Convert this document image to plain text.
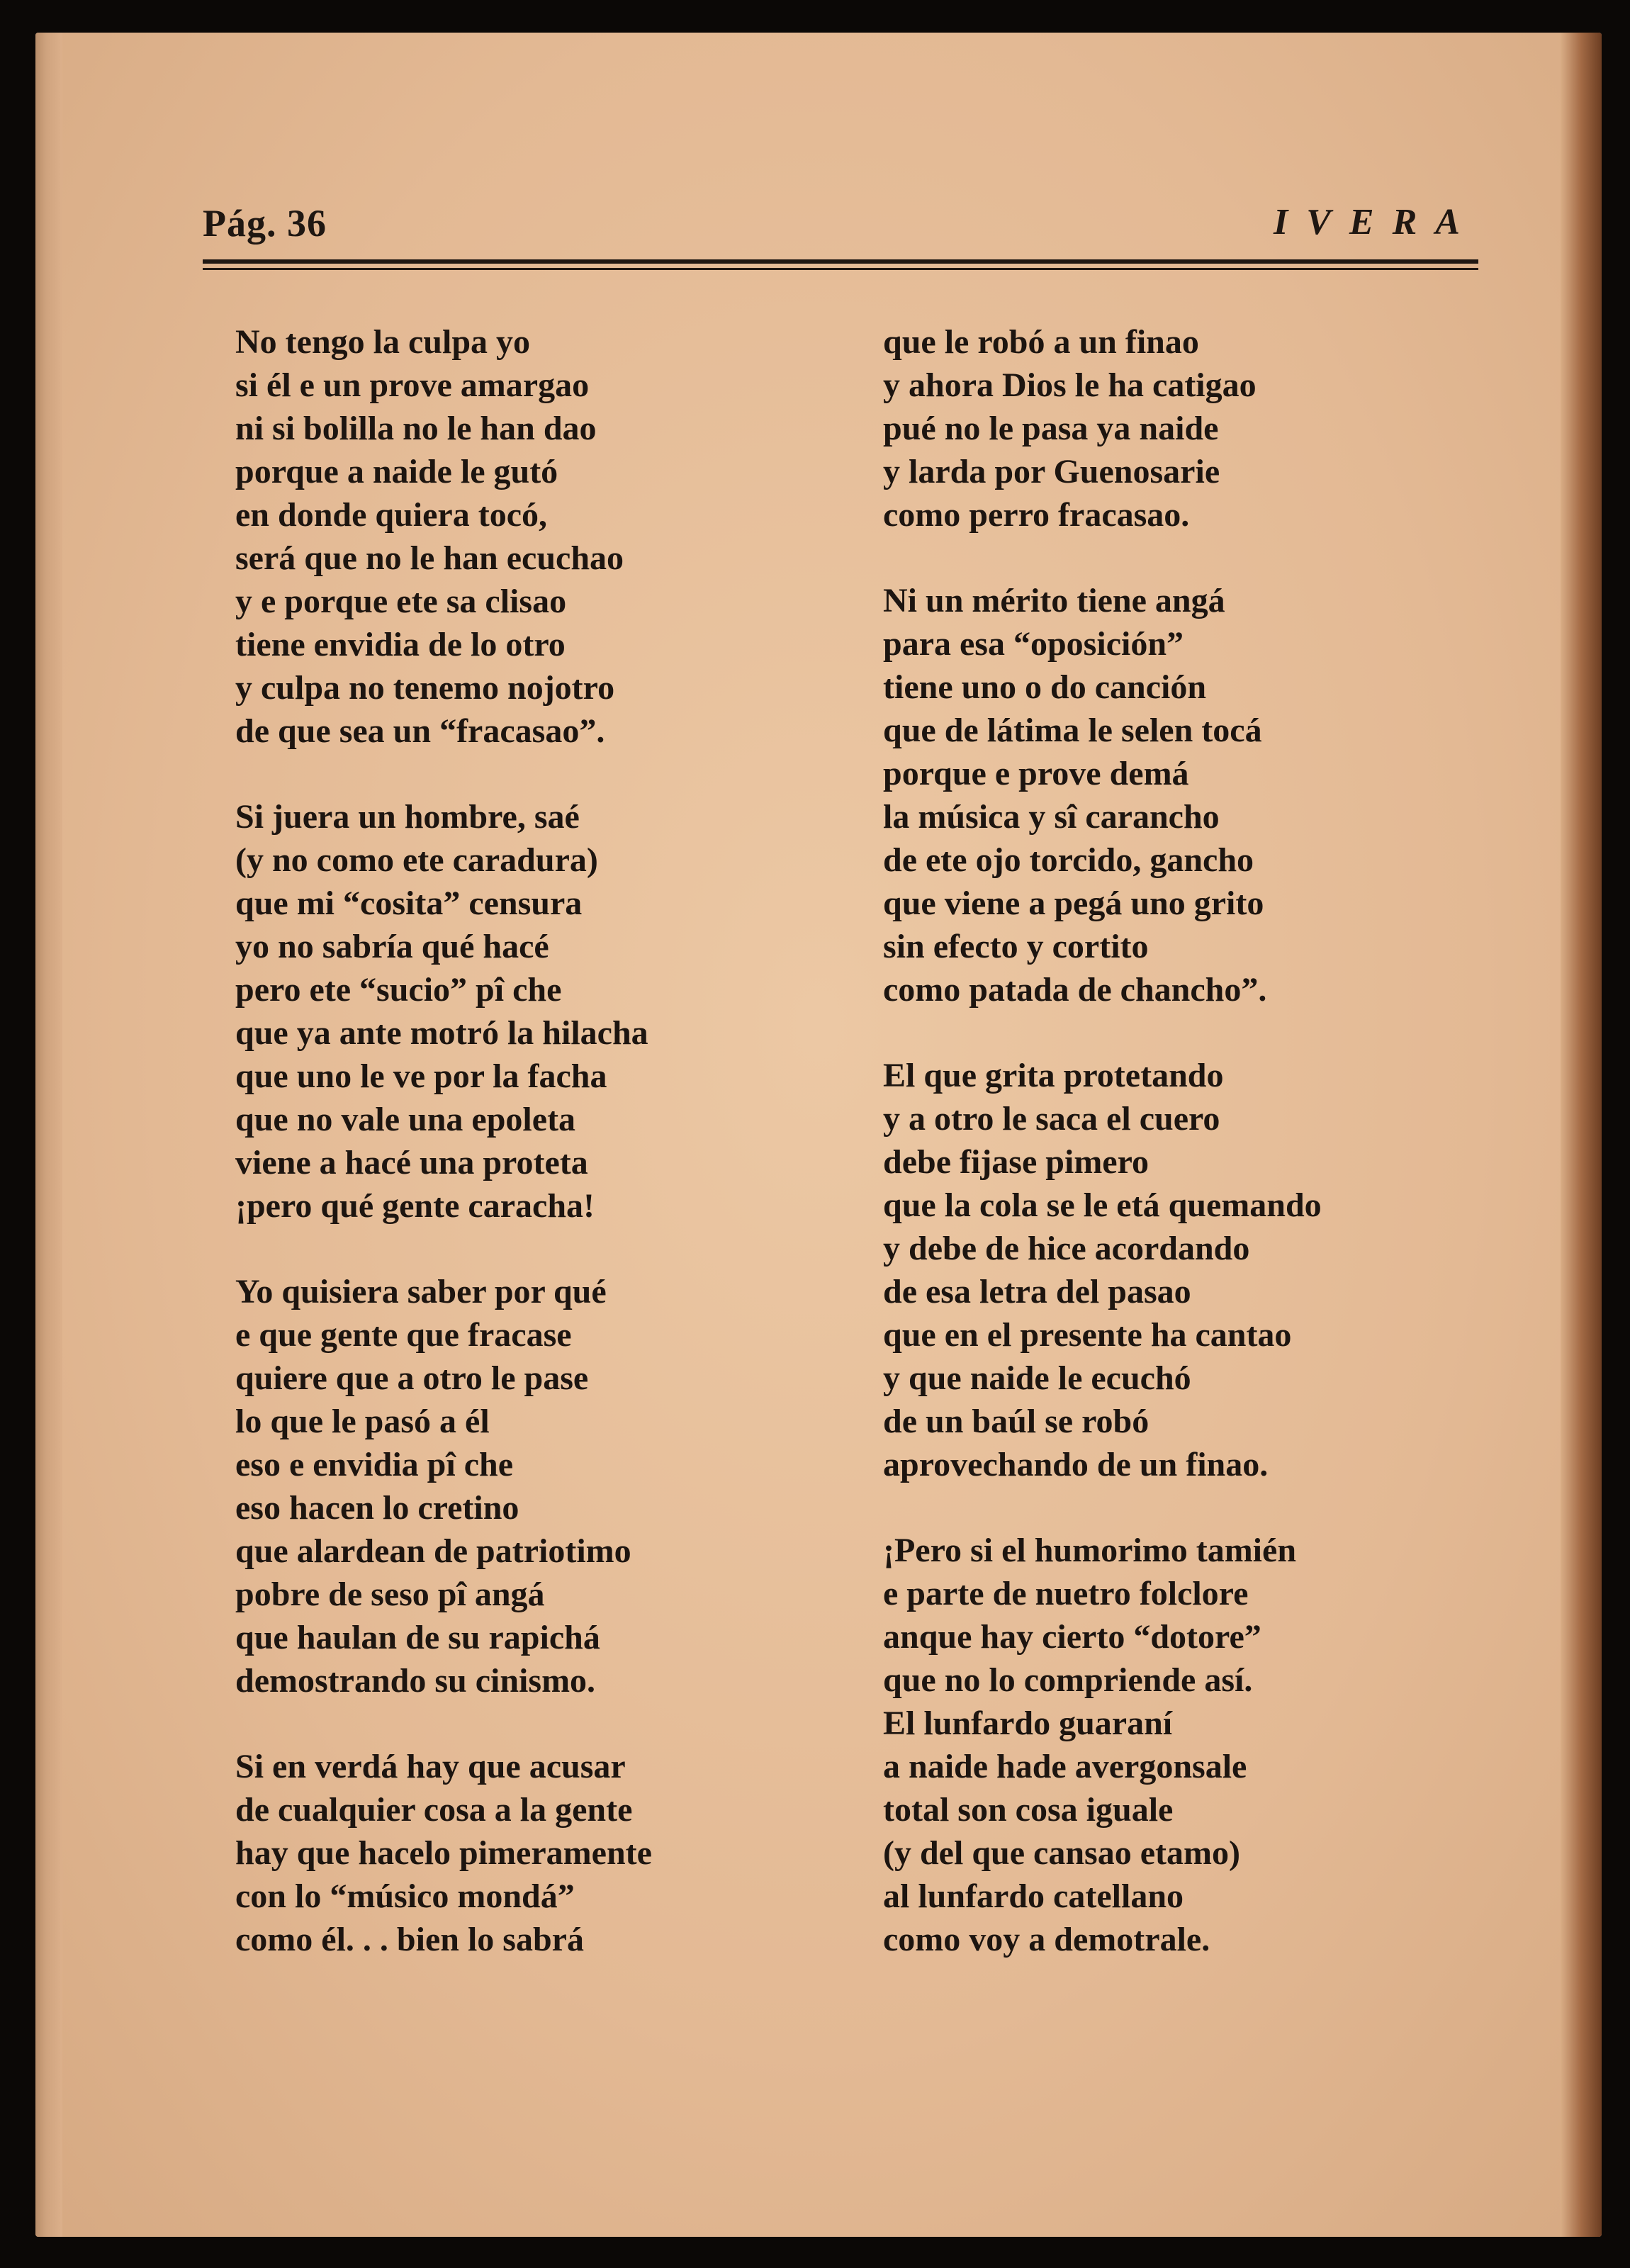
Pág. 36	IVERA
No tengo la culpa yo
si él e un prove amargao
ni si bolilla no le han dao
porque a naide le gutó
en donde quiera tocó,
será que no le han ecuchao
y e porque ete sa clisao
tiene envidia de lo otro
y culpa no tenemo nojotro
de que sea un “fracasao”.
Si juera un hombre, saé
(y no como ete caradura)
que mi “cosita” censura
yo no sabría qué hacé
pero ete “sucio” pî che
que ya ante motró la hilacha
que uno le ve por la facha
que no vale una epoleta
viene a hacé una proteta
¡pero qué gente caracha!
Yo quisiera saber por qué
e que gente que fracase
quiere que a otro le pase
lo que le pasó a él
eso e envidia pî che
eso hacen lo cretino
que alardean de patriotimo
pobre de seso pî angá
que haulan de su rapichá
demostrando su cinismo.
Si en verdá hay que acusar
de cualquier cosa a la gente
hay que hacelo pimeramente
con lo “músico mondá”
como él. . . bien lo sabrá
que le robó a un finao
y ahora Dios le ha catigao
pué no le pasa ya naide
y larda por Guenosarie
como perro fracasao.
Ni un mérito tiene angá
para esa “oposición”
tiene uno o do canción
que de látima le selen tocá
porque e prove demá
la música y sî carancho
de ete ojo torcido, gancho
que viene a pegá uno grito
sin efecto y cortito
como patada de chancho”.
El que grita protetando
y a otro le saca el cuero
debe fijase pimero
que la cola se le etá quemando
y debe de hice acordando
de esa letra del pasao
que en el presente ha cantao
y que naide le ecuchó
de un baúl se robó
aprovechando de un finao.
¡Pero si el humorimo tamién
e parte de nuetro folclore
anque hay cierto “dotore”
que no lo compriende así.
El lunfardo guaraní
a naide hade avergonsale
total son cosa iguale
(y del que cansao etamo)
al lunfardo catellano
como voy a demotrale.
